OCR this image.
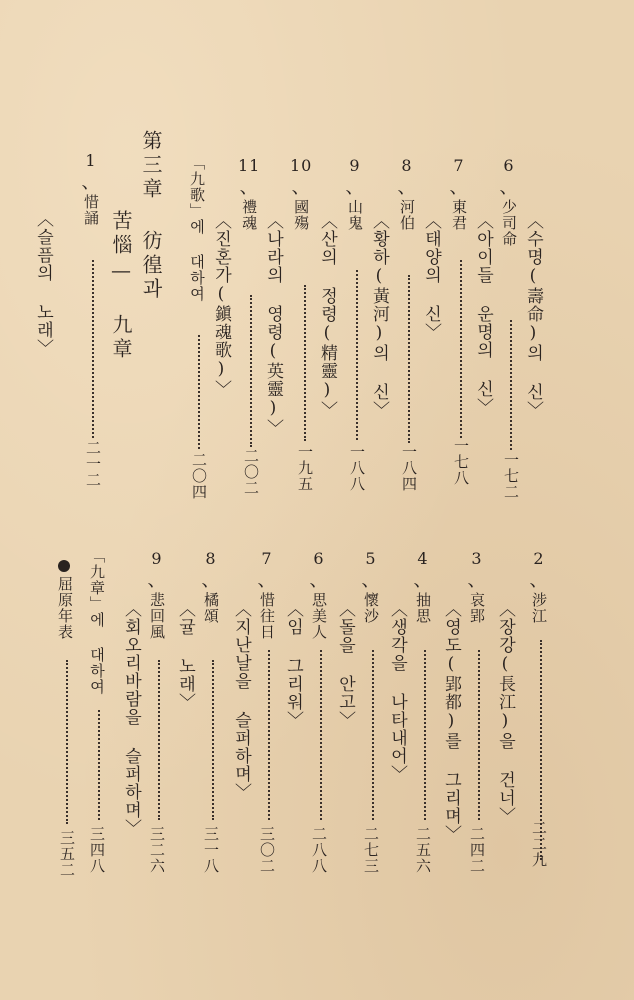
6、少司命 〈수명(壽命)의 신〉
一七二
7、東君 〈아이들 운명의 신〉
一七八
8、河伯 〈태양의 신〉
一八四
9、山鬼 〈황하(黃河)의 신〉
一八八
10、國殤 〈산의 정령(精靈)〉
一九五
11、禮魂 〈나라의 영령(英靈)〉
二〇二
「九歌」에 대하여 〈진혼가(鎭魂歌)〉
二〇四
第三章 彷徨과
苦惱— 九章
1、惜誦
〈슬픔의 노래〉
二一二
2、涉江
〈장강(長江)을 건너〉
二二九
3、哀郢
〈영도(郢都)를 그리며〉
二四二
4、抽思
〈생각을 나타내어〉
二五六
5、懷沙
〈돌을 안고〉
二七三
6、思美人
〈임 그리워〉
二八八
7、惜往日
〈지난날을 슬퍼하며〉
三〇二
8、橘頌
〈귤 노래〉
三一八
9、悲回風
〈회오리바람을 슬퍼하며〉
三二六
「九章」에 대하여
三四八
屈原年表
三五二
